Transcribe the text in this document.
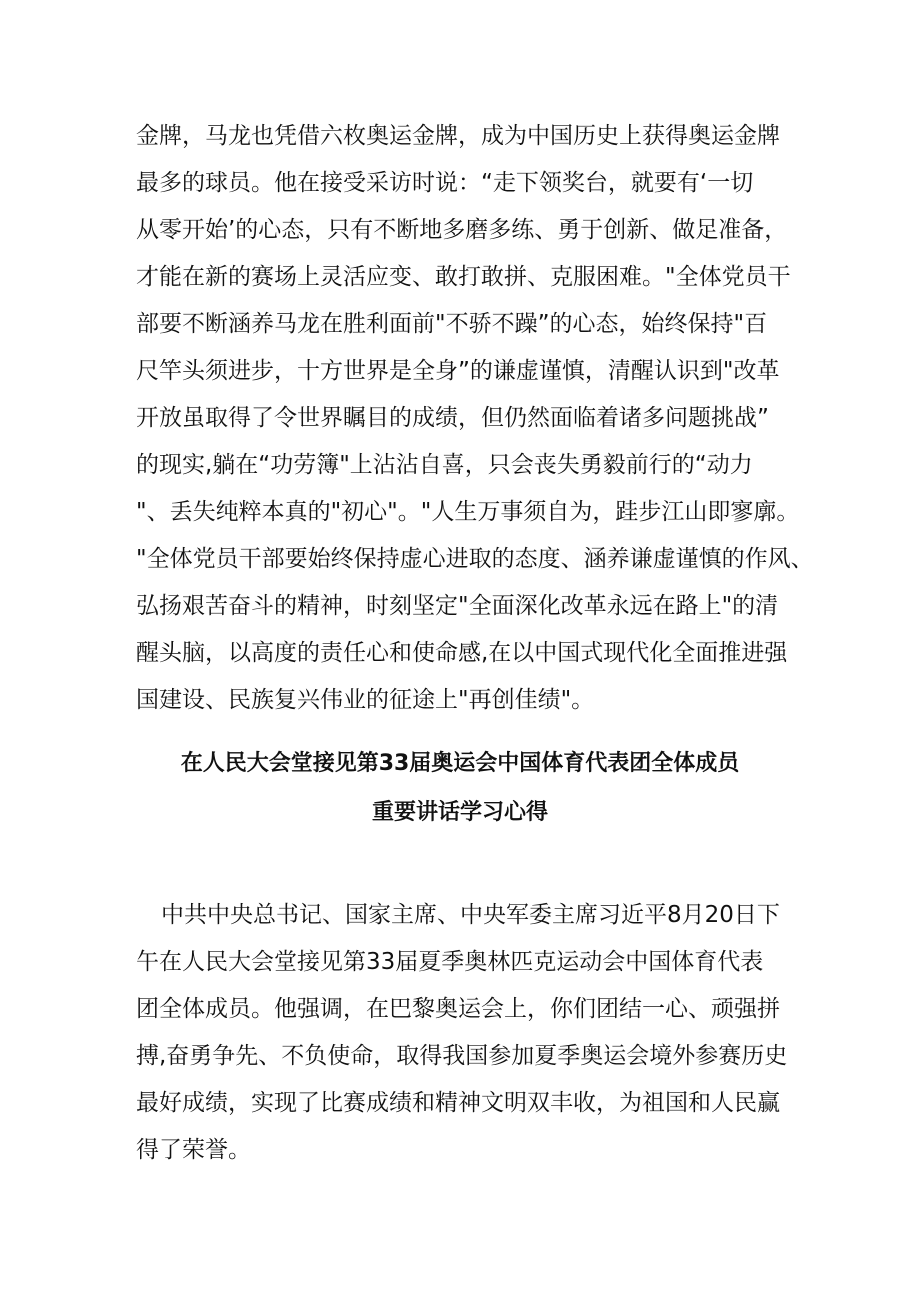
金牌，马龙也凭借六枚奥运金牌，成为中国历史上获得奥运金牌
最多的球员。他在接受采访时说：“走下领奖台，就要有‘一切
从零开始’的心态，只有不断地多磨多练、勇于创新、做足准备，
才能在新的赛场上灵活应变、敢打敢拼、克服困难。"全体党员干
部要不断涵养马龙在胜利面前"不骄不躁”的心态，始终保持"百
尺竿头须进步，十方世界是全身”的谦虚谨慎，清醒认识到"改革
开放虽取得了令世界瞩目的成绩，但仍然面临着诸多问题挑战”
的现实,躺在“功劳簿"上沾沾自喜，只会丧失勇毅前行的“动力
"、丢失纯粹本真的"初心"。"人生万事须自为，跬步江山即寥廓。
"全体党员干部要始终保持虚心进取的态度、涵养谦虚谨慎的作风、
弘扬艰苦奋斗的精神，时刻坚定"全面深化改革永远在路上"的清
醒头脑，以高度的责任心和使命感,在以中国式现代化全面推进强
国建设、民族复兴伟业的征途上"再创佳绩"。
在人民大会堂接见第33届奥运会中国体育代表团全体成员
重要讲话学习心得
中共中央总书记、国家主席、中央军委主席习近平8月20日下
午在人民大会堂接见第33届夏季奥林匹克运动会中国体育代表
团全体成员。他强调，在巴黎奥运会上，你们团结一心、顽强拼
搏,奋勇争先、不负使命，取得我国参加夏季奥运会境外参赛历史
最好成绩，实现了比赛成绩和精神文明双丰收，为祖国和人民赢
得了荣誉。
